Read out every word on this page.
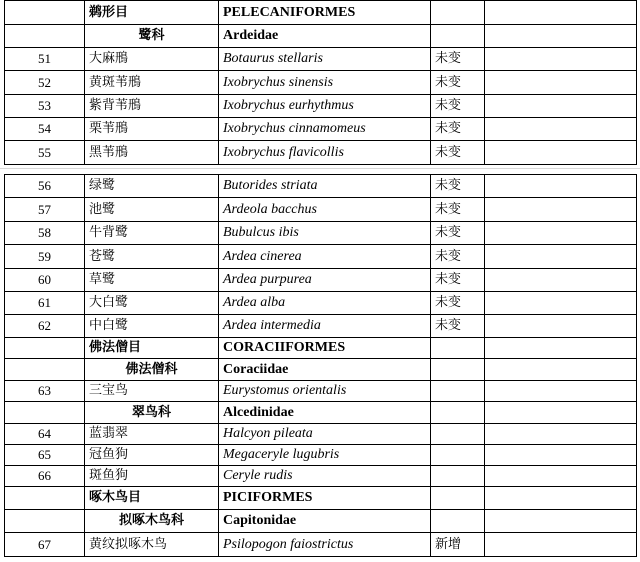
	鹈形目	PELECANIFORMES		
	鹭科	Ardeidae		
51	大麻鳽	Botaurus stellaris	未变	
52	黄斑苇鳽	Ixobrychus sinensis	未变	
53	紫背苇鳽	Ixobrychus eurhythmus	未变	
54	栗苇鳽	Ixobrychus cinnamomeus	未变	
55	黑苇鳽	Ixobrychus flavicollis	未变	
56	绿鹭	Butorides striata	未变	
57	池鹭	Ardeola bacchus	未变	
58	牛背鹭	Bubulcus ibis	未变	
59	苍鹭	Ardea cinerea	未变	
60	草鹭	Ardea purpurea	未变	
61	大白鹭	Ardea alba	未变	
62	中白鹭	Ardea intermedia	未变	
	佛法僧目	CORACIIFORMES		
	佛法僧科	Coraciidae		
63	三宝鸟	Eurystomus orientalis		
	翠鸟科	Alcedinidae		
64	蓝翡翠	Halcyon pileata		
65	冠鱼狗	Megaceryle lugubris		
66	斑鱼狗	Ceryle rudis		
	啄木鸟目	PICIFORMES		
	拟啄木鸟科	Capitonidae		
67	黄纹拟啄木鸟	Psilopogon faiostrictus	新增	
